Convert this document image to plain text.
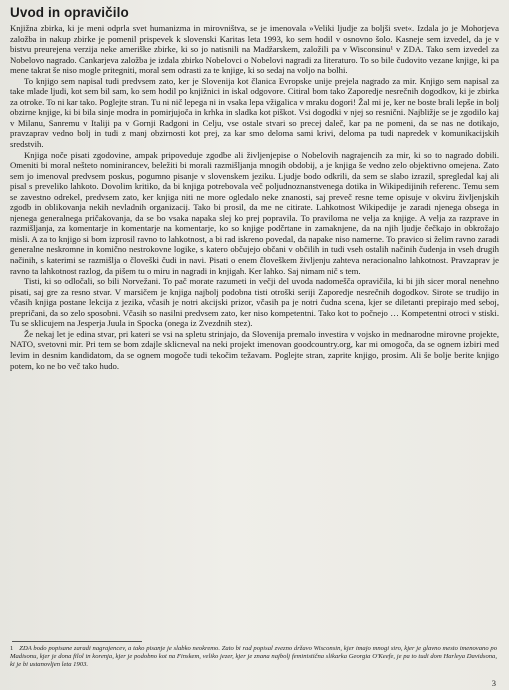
Uvod in opravičilo

Knjižna zbirka, ki je meni odprla svet humanizma in mirovništva, se je imenovala »Veliki ljudje za boljši svet«. Izdala jo je Mohorjeva založba in nakup zbirke je pomenil prispevek k slovenski Karitas leta 1993, ko sem hodil v osnovno šolo. Kasneje sem izvedel, da je v bistvu preurejena verzija neke ameriške zbirke, ki so jo natisnili na Madžarskem, založili pa v Wisconsinu¹ v ZDA. Tako sem izvedel za Nobelovo nagrado. Cankarjeva založba je izdala zbirko Nobelovci o Nobelovi nagradi za literaturo. To so bile čudovito vezane knjige, ki pa mene takrat še niso mogle pritegniti, moral sem odrasti za te knjige, ki so sedaj na voljo na bolhi.

To knjigo sem napisal tudi predvsem zato, ker je Slovenija kot članica Evropske unije prejela nagrado za mir. Knjigo sem napisal za take mlade ljudi, kot sem bil sam, ko sem hodil po knjižnici in iskal odgovore. Citiral bom tako Zaporedje nesrečnih dogodkov, ki je zbirka za otroke. To ni kar tako. Poglejte stran. Tu ni nič lepega ni in vsaka lepa vžigalica v mraku dogori! Žal mi je, ker ne boste brali lepše in bolj obzirne knjige, ki bi bila sinje modra in pomirjujoča in krhka in sladka kot piškot. Vsi dogodki v njej so resnični. Najbližje se je zgodilo kaj v Milanu, Sanremu v Italiji pa v Gornji Radgoni in Celju, vse ostale stvari so precej daleč, kar pa ne pomeni, da se nas ne dotikajo, pravzaprav vedno bolj in tudi z manj obzirnosti kot prej, za kar smo deloma sami krivi, deloma pa tudi napredek v komunikacijskih sredstvih.

Knjiga noče pisati zgodovine, ampak pripoveduje zgodbe ali življenjepise o Nobelovih nagrajencih za mir, ki so to nagrado dobili. Omeniti bi moral nešteto nominirancev, beležiti bi morali razmišljanja mnogih obdobij, a je knjiga še vedno zelo objektivno omejena. Zato sem jo imenoval predvsem poskus, pogumno pisanje v slovenskem jeziku. Ljudje bodo odkrili, da sem se slabo izrazil, spregledal kaj ali pisal s preveliko lahkoto. Dovolim kritiko, da bi knjiga potrebovala več poljudnoznanstvenega dotika in Wikipedijinih referenc. Temu sem se zavestno odrekel, predvsem zato, ker knjiga niti ne more ogledalo neke znanosti, saj preveč resne teme opisuje v okviru življenjskih zgodb in oblikovanja nekih nevladnih organizacij. Tako bi prosil, da me ne citirate. Lahkotnost Wikipedije je zaradi njenega obsega in njenega generalnega pričakovanja, da se bo vsaka napaka slej ko prej popravila. To praviloma ne velja za knjige. A velja za razprave in razmišljanja, za komentarje in komentarje na komentarje, ko so knjige podčrtane in zamaknjene, da na njih ljudje čečkajo in obkrožajo misli. A za to knjigo si bom izprosil ravno to lahkotnost, a bi rad iskreno povedal, da napake niso namerne. To pravico si želim ravno zaradi generalne neskromne in komično nestrokovne logike, s katero občujejo občani v občilih in tudi vseh ostalih načinih čudenja in vseh drugih načinih, s katerimi se razmišlja o človeški čudi in navi. Pisati o enem človeškem življenju zahteva neracionalno lahkotnost. Pravzaprav je ravno ta lahkotnost razlog, da pišem tu o miru in nagradi in knjigah. Ker lahko. Saj nimam nič s tem.

Tisti, ki so odločali, so bili Norvežani. To pač morate razumeti in večji del uvoda nadomešča opravičila, ki bi jih sicer moral nenehno pisati, saj gre za resno stvar. V marsičem je knjiga najbolj podobna tisti otroški seriji Zaporedje nesrečnih dogodkov. Sirote se trudijo in včasih knjiga postane lekcija z jezika, včasih je notri akcijski prizor, včasih pa je notri čudna scena, kjer se diletanti prepirajo med seboj, prepričani, da so zelo sposobni. Včasih so nasilni predvsem zato, ker niso kompetentni. Tako kot to počnejo … Kompetentni otroci v stiski. Tu se sklicujem na Jesperja Juula in Spocka (onega iz Zvezdnih stez).

Že nekaj let je edina stvar, pri kateri se vsi na spletu strinjajo, da Slovenija premalo investira v vojsko in mednarodne mirovne projekte, NATO, svetovni mir. Pri tem se bom zdajle sklicneval na neki projekt imenovan goodcountry.org, kar mi omogoča, da se ognem izbiri med levim in desnim kandidatom, da se ognem mogoče tudi tekočim težavam. Poglejte stran, zaprite knjigo, prosim. Ali še bolje berite knjigo potem, ko ne bo več tako hudo.

1 ZDA bodo popisane zaradi nagrajencev, a tako pisanje je slabko neokremo. Zato bi rad popisal zvezno državo Wisconsin, kjer imajo mnogi siro, kjer je glavno mesto imenovano po Madisonu, kjer je dona filol in korenja, kjer je podobno kot na Finskem, veliko jezer, kjer je znana najbolj feministična slikarka Georgia O'Keefe, je pa to tudi dom Harleya Davidsona, ki je bi ustanovljen leta 1903.
3
